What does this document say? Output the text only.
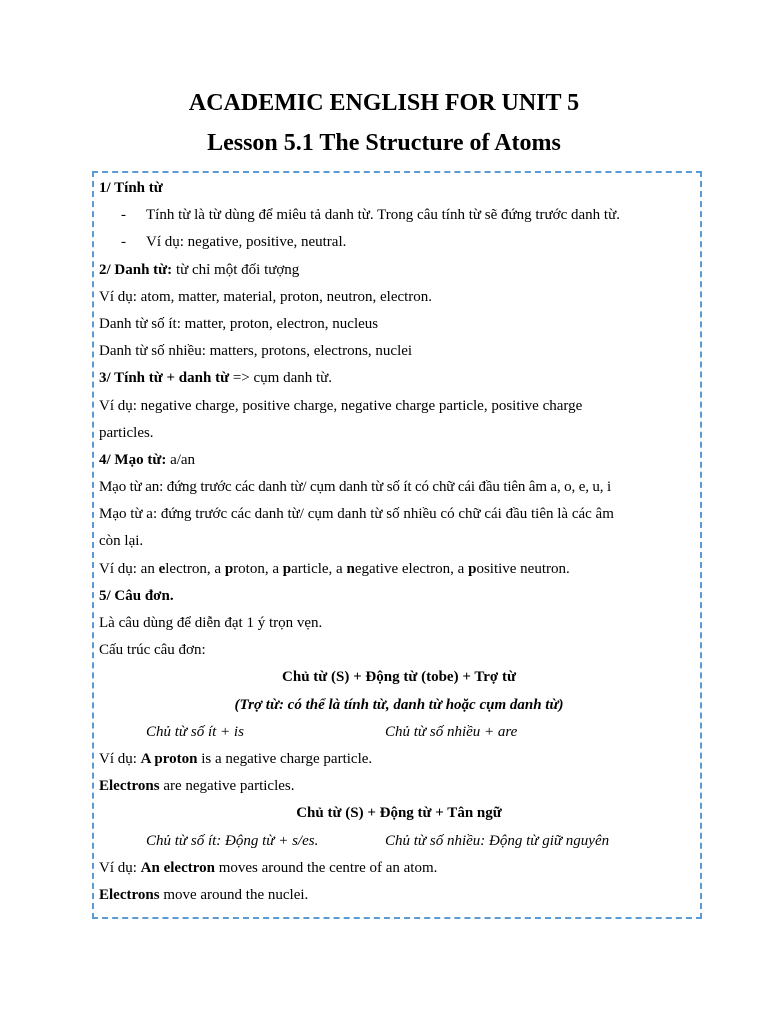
ACADEMIC ENGLISH FOR UNIT 5
Lesson 5.1 The Structure of Atoms
1/ Tính từ
- Tính từ là từ dùng để miêu tả danh từ. Trong câu tính từ sẽ đứng trước danh từ.
- Ví dụ: negative, positive, neutral.
2/ Danh từ: từ chỉ một đối tượng
Ví dụ: atom, matter, material, proton, neutron, electron.
Danh từ số ít: matter, proton, electron, nucleus
Danh từ số nhiều: matters, protons, electrons, nuclei
3/ Tính từ + danh từ => cụm danh từ.
Ví dụ: negative charge, positive charge, negative charge particle, positive charge
particles.
4/ Mạo từ: a/an
Mạo từ an: đứng trước các danh từ/ cụm danh từ số ít có chữ cái đầu tiên âm a, o, e, u, i
Mạo từ a: đứng trước các danh từ/ cụm danh từ số nhiều có chữ cái đầu tiên là các âm
còn lại.
Ví dụ: an electron, a proton, a particle, a negative electron, a positive neutron.
5/ Câu đơn.
Là câu dùng để diễn đạt 1 ý trọn vẹn.
Cấu trúc câu đơn:
Chủ từ (S) + Động từ (tobe) + Trợ từ
(Trợ từ: có thể là tính từ, danh từ hoặc cụm danh từ)
Chủ từ số ít + is	Chủ từ số nhiều + are
Ví dụ: A proton is a negative charge particle.
Electrons are negative particles.
Chủ từ (S) + Động từ + Tân ngữ
Chủ từ số ít: Động từ + s/es.	Chủ từ số nhiều: Động từ giữ nguyên
Ví dụ: An electron moves around the centre of an atom.
Electrons move around the nuclei.
